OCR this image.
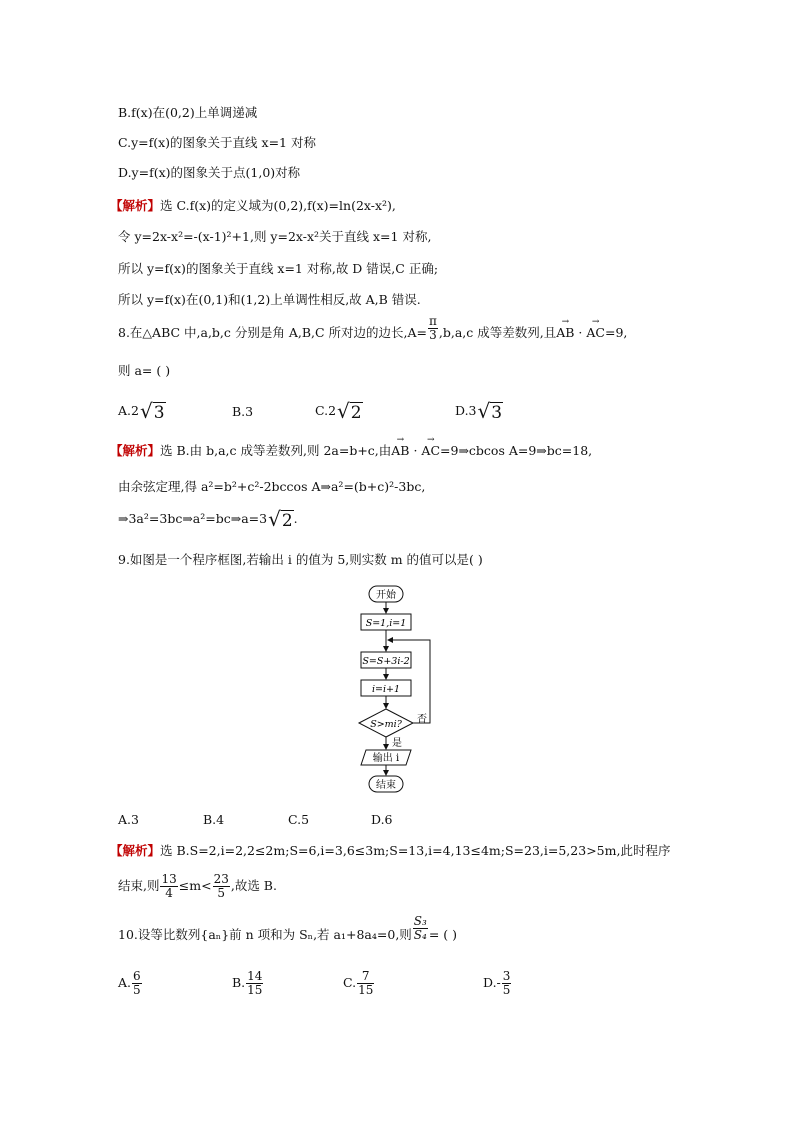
B.f(x)在(0,2)上单调递减
C.y=f(x)的图象关于直线 x=1 对称
D.y=f(x)的图象关于点(1,0)对称
【解析】选 C.f(x)的定义域为(0,2),f(x)=ln(2x-x²),
令 y=2x-x²=-(x-1)²+1,则 y=2x-x²关于直线 x=1 对称,
所以 y=f(x)的图象关于直线 x=1 对称,故 D 错误,C 正确;
所以 y=f(x)在(0,1)和(1,2)上单调性相反,故 A,B 错误.
8.在△ABC 中,a,b,c 分别是角 A,B,C 所对边的边长$,A= \frac{\pi}{3} ,b,a,c$ 成等差数列,且→ AB · → AC=9,
则 a= ( )
A.2√3	B.3	C.2√2	D.3√3
【解析】选 B.由 b,a,c 成等差数列,则 2a=b+c,由→ AB · → AC=9⇒cbcos A=9⇒bc=18,
由余弦定理,得 a²=b²+c²-2bccos A⇒a²=(b+c)²-3bc,
⇒3a²=3bc⇒a²=bc⇒a=3√2.
9.如图是一个程序框图,若输出 i 的值为 5,则实数 m 的值可以是( )
开始
S=1,i=1
S=S+3i-2
i=i+1
S>mi? 否
是
输出 i
结束
A.3	B.4	C.5	D.6
【解析】选 B.S=2,i=2,2≤2m;S=6,i=3,6≤3m;S=13,i=4,13≤4m;S=23,i=5,23>5m,此时程序
结束,则 $\frac{13}{4} \le m< \frac{23}{5}$ ,故选 B.
10.设等比数列{aₙ}前 n 项和为 Sₙ,若 a₁+8a₄=0,则 $\frac{\text{S₃}}{\text{S₄}}$ = ( )
A. $\frac{6}{5}$	B. $\frac{14}{15}$	C. $\frac{7}{15}$	$D.- \frac{3}{5}$
